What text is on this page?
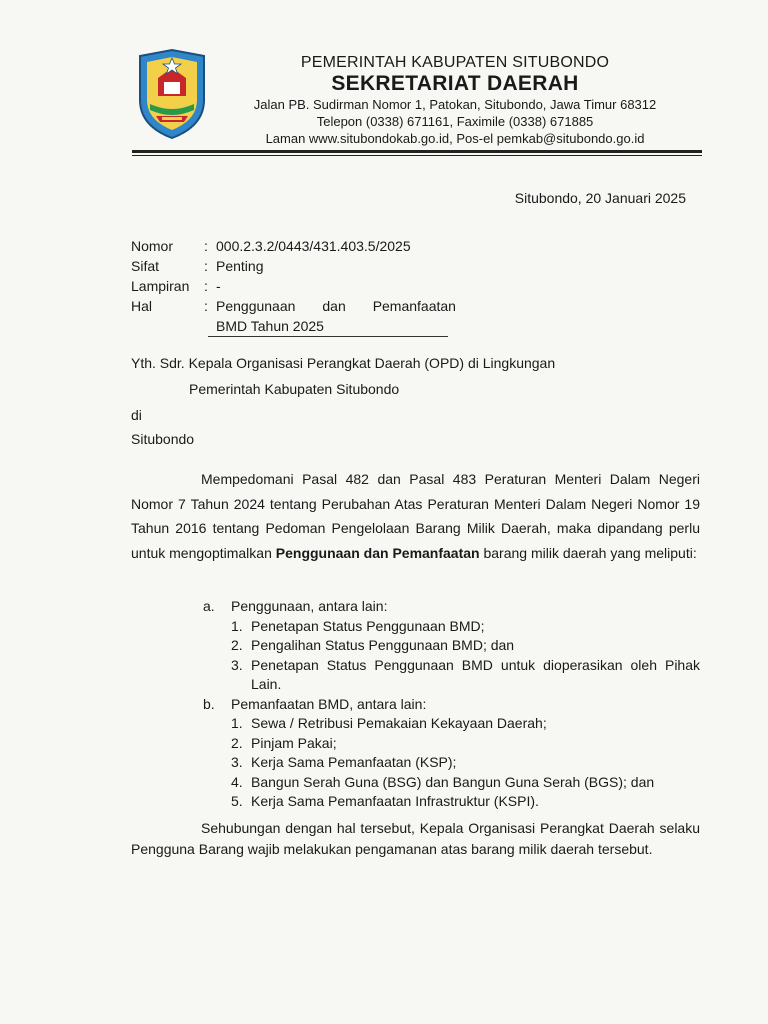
PEMERINTAH KABUPATEN SITUBONDO
SEKRETARIAT DAERAH
Jalan PB. Sudirman Nomor 1, Patokan, Situbondo, Jawa Timur 68312
Telepon (0338) 671161, Faximile (0338) 671885
Laman www.situbondokab.go.id, Pos-el pemkab@situbondo.go.id
Situbondo, 20 Januari 2025
Nomor	: 000.2.3.2/0443/431.403.5/2025
Sifat	: Penting
Lampiran	: -
Hal	: Penggunaan dan Pemanfaatan
BMD Tahun 2025
Yth. Sdr. Kepala Organisasi Perangkat Daerah (OPD) di Lingkungan
Pemerintah Kabupaten Situbondo
di
Situbondo
Mempedomani Pasal 482 dan Pasal 483 Peraturan Menteri Dalam Negeri Nomor 7 Tahun 2024 tentang Perubahan Atas Peraturan Menteri Dalam Negeri Nomor 19 Tahun 2016 tentang Pedoman Pengelolaan Barang Milik Daerah, maka dipandang perlu untuk mengoptimalkan Penggunaan dan Pemanfaatan barang milik daerah yang meliputi:
a.	Penggunaan, antara lain:
1. Penetapan Status Penggunaan BMD;
2. Pengalihan Status Penggunaan BMD; dan
3. Penetapan Status Penggunaan BMD untuk dioperasikan oleh Pihak Lain.
b.	Pemanfaatan BMD, antara lain:
1. Sewa / Retribusi Pemakaian Kekayaan Daerah;
2. Pinjam Pakai;
3. Kerja Sama Pemanfaatan (KSP);
4. Bangun Serah Guna (BSG) dan Bangun Guna Serah (BGS); dan
5. Kerja Sama Pemanfaatan Infrastruktur (KSPI).
Sehubungan dengan hal tersebut, Kepala Organisasi Perangkat Daerah selaku Pengguna Barang wajib melakukan pengamanan atas barang milik daerah tersebut.
